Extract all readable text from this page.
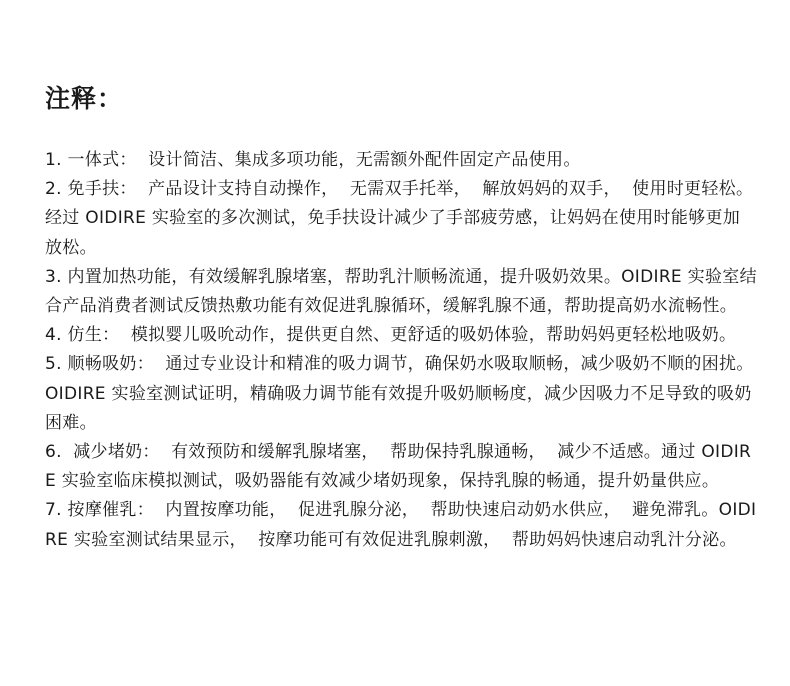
注释：
1. 一体式：  设计简洁、集成多项功能，无需额外配件固定产品使用。
2. 免手扶：  产品设计支持自动操作，  无需双手托举，  解放妈妈的双手，  使用时更轻松。经过 OIDIRE 实验室的多次测试，免手扶设计减少了手部疲劳感，让妈妈在使用时能够更加放松。
3. 内置加热功能，有效缓解乳腺堵塞，帮助乳汁顺畅流通，提升吸奶效果。OIDIRE 实验室结合产品消费者测试反馈热敷功能有效促进乳腺循环，缓解乳腺不通，帮助提高奶水流畅性。
4. 仿生：  模拟婴儿吸吮动作，提供更自然、更舒适的吸奶体验，帮助妈妈更轻松地吸奶。
5. 顺畅吸奶：  通过专业设计和精准的吸力调节，确保奶水吸取顺畅，减少吸奶不顺的困扰。OIDIRE 实验室测试证明，精确吸力调节能有效提升吸奶顺畅度，减少因吸力不足导致的吸奶困难。
6.  减少堵奶：  有效预防和缓解乳腺堵塞，  帮助保持乳腺通畅，  减少不适感。通过 OIDIRE 实验室临床模拟测试，吸奶器能有效减少堵奶现象，保持乳腺的畅通，提升奶量供应。
7. 按摩催乳：  内置按摩功能，  促进乳腺分泌，  帮助快速启动奶水供应，  避免滞乳。OIDIRE 实验室测试结果显示，  按摩功能可有效促进乳腺刺激，  帮助妈妈快速启动乳汁分泌。
